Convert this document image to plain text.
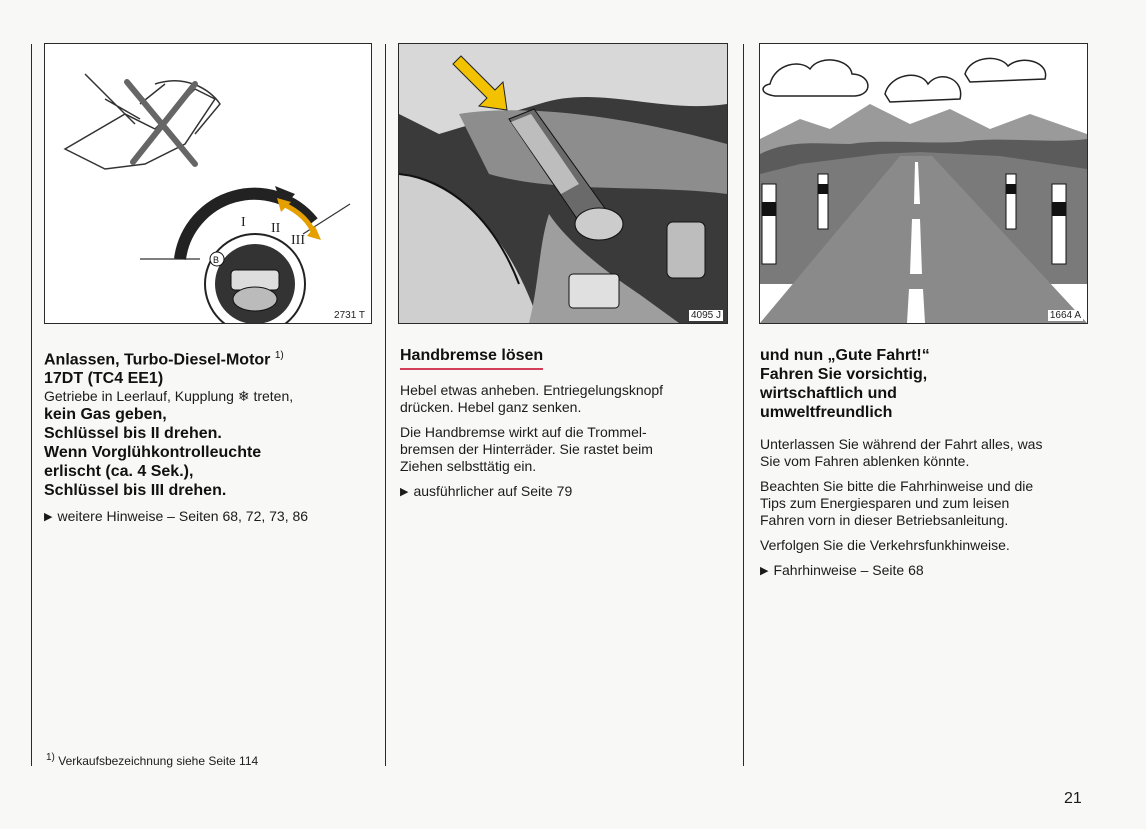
I II
III
B
2731 T	4095 J	1664 A

Anlassen, Turbo-Diesel-Motor $^{1)}$

17DT (TC4 EE1)

Getriebe in Leerlauf, Kupplung ❄ treten,

kein Gas geben,
Schlüssel bis II drehen.
Wenn Vorglühkontrolleuchte
erlischt (ca. 4 Sek.),
Schlüssel bis III drehen.

▶ weitere Hinweise – Seiten 68, 72, 73, 86

$^{1)}$ Verkaufsbezeichnung siehe Seite 114
Handbremse lösen

Hebel etwas anheben. Entriegelungsknopf
drücken. Hebel ganz senken.

Die Handbremse wirkt auf die Trommel-
bremsen der Hinterräder. Sie rastet beim
Ziehen selbsttätig ein.

▶ ausführlicher auf Seite 79

und nun „Gute Fahrt!“
Fahren Sie vorsichtig,
wirtschaftlich und
umweltfreundlich

Unterlassen Sie während der Fahrt alles, was
Sie vom Fahren ablenken könnte.

Beachten Sie bitte die Fahrhinweise und die
Tips zum Energiesparen und zum leisen
Fahren vorn in dieser Betriebsanleitung.

Verfolgen Sie die Verkehrsfunkhinweise.

▶ Fahrhinweise – Seite 68

21
